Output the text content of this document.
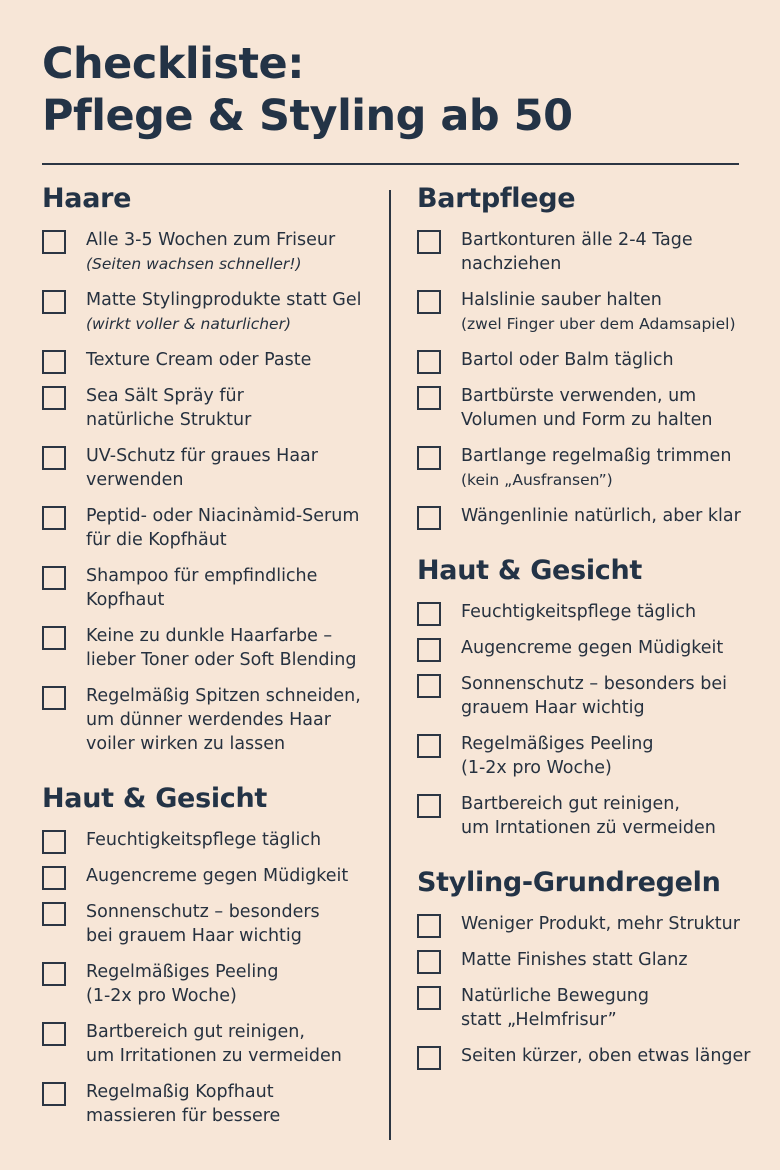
Checkliste:
Pflege & Styling ab 50
Haare
Alle 3-5 Wochen zum Friseur
(Seiten wachsen schneller!)
Matte Stylingprodukte statt Gel
(wirkt voller & naturlicher)
Texture Cream oder Paste
Sea Sält Spräy für
natürliche Struktur
UV-Schutz für graues Haar
verwenden
Peptid- oder Niacinàmid-Serum
für die Kopfhäut
Shampoo für empfindliche
Kopfhaut
Keine zu dunkle Haarfarbe –
lieber Toner oder Soft Blending
Regelmäßig Spitzen schneiden,
um dünner werdendes Haar
voiler wirken zu lassen
Haut & Gesicht
Feuchtigkeitspflege täglich
Augencreme gegen Müdigkeit
Sonnenschutz – besonders
bei grauem Haar wichtig
Regelmäßiges Peeling
(1-2x pro Woche)
Bartbereich gut reinigen,
um Irritationen zu vermeiden
Regelmaßig Kopfhaut
massieren für bessere
Bartpflege
Bartkonturen älle 2-4 Tage
nachziehen
Halslinie sauber halten
(zwel Finger uber dem Adamsapiel)
Bartol oder Balm täglich
Bartbürste verwenden, um
Volumen und Form zu halten
Bartlange regelmaßig trimmen
(kein „Ausfransen”)
Wängenlinie natürlich, aber klar
Haut & Gesicht
Feuchtigkeitspflege täglich
Augencreme gegen Müdigkeit
Sonnenschutz – besonders bei
grauem Haar wichtig
Regelmäßiges Peeling
(1-2x pro Woche)
Bartbereich gut reinigen,
um Irntationen zü vermeiden
Styling-Grundregeln
Weniger Produkt, mehr Struktur
Matte Finishes statt Glanz
Natürliche Bewegung
statt „Helmfrisur”
Seiten kürzer, oben etwas länger
